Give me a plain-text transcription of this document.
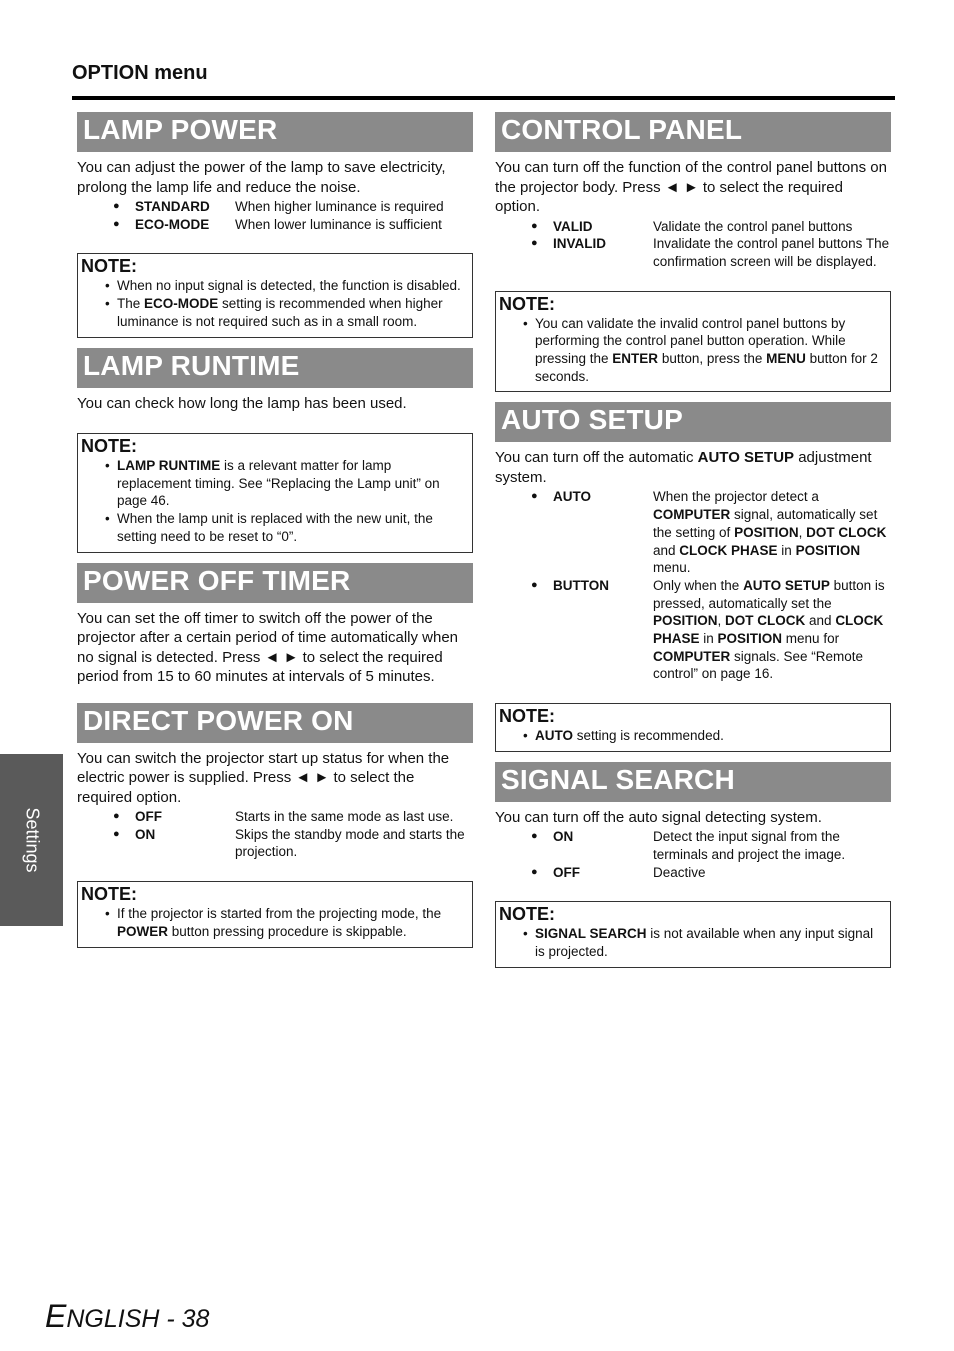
OPTION menu
LAMP POWER

You can adjust the power of the lamp to save electricity, prolong the lamp life and reduce the noise.

●	STANDARD	When higher luminance is required
●	ECO-MODE	When lower luminance is sufficient
NOTE:
• When no input signal is detected, the function is disabled.
• The ECO-MODE setting is recommended when higher luminance is not required such as in a small room.
LAMP RUNTIME

You can check how long the lamp has been used.

NOTE:
• LAMP RUNTIME is a relevant matter for lamp replacement timing. See “Replacing the Lamp unit” on page 46.
• When the lamp unit is replaced with the new unit, the setting need to be reset to “0”.
POWER OFF TIMER

You can set the off timer to switch off the power of the projector after a certain period of time automatically when no signal is detected. Press ◄ ► to select the required period from 15 to 60 minutes at intervals of 5 minutes.

DIRECT POWER ON

You can switch the projector start up status for when the electric power is supplied. Press ◄ ► to select the required option.

●	OFF	Starts in the same mode as last use.
●	ON	Skips the standby mode and starts the projection.
NOTE:
• If the projector is started from the projecting mode, the POWER button pressing procedure is skippable.
CONTROL PANEL

You can turn off the function of the control panel buttons on the projector body. Press ◄ ► to select the required option.

●	VALID	Validate the control panel buttons
●	INVALID	Invalidate the control panel buttons The confirmation screen will be displayed.
NOTE:
• You can validate the invalid control panel buttons by performing the control panel button operation. While pressing the ENTER button, press the MENU button for 2 seconds.
AUTO SETUP

You can turn off the automatic AUTO SETUP adjustment system.

●	AUTO	When the projector detect a COMPUTER signal, automatically set the setting of POSITION, DOT CLOCK and CLOCK PHASE in POSITION menu.
●	BUTTON	Only when the AUTO SETUP button is pressed, automatically set the POSITION, DOT CLOCK and CLOCK PHASE in POSITION menu for COMPUTER signals. See “Remote control” on page 16.
NOTE:
• AUTO setting is recommended.
SIGNAL SEARCH

You can turn off the auto signal detecting system.

●	ON	Detect the input signal from the terminals and project the image.
●	OFF	Deactive
NOTE:
• SIGNAL SEARCH is not available when any input signal is projected.
Settings
ENGLISH - 38
